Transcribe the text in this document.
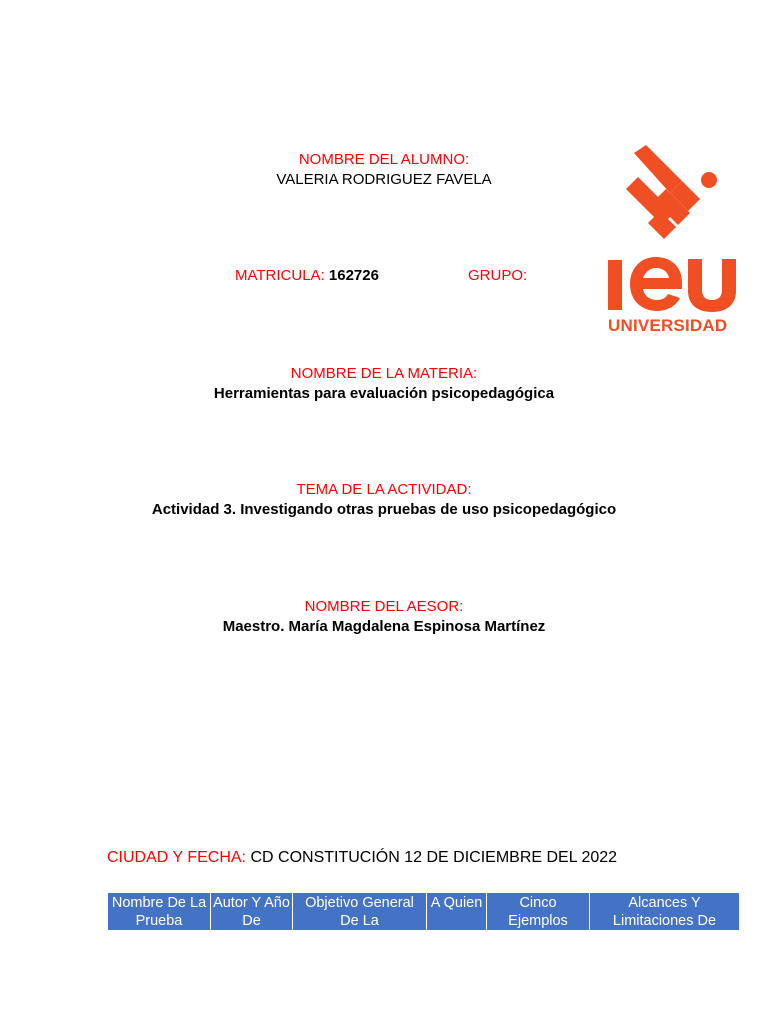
UNIVERSIDAD
NOMBRE DEL ALUMNO:
VALERIA RODRIGUEZ FAVELA
MATRICULA: 162726	GRUPO:
NOMBRE DE LA MATERIA:
Herramientas para evaluación psicopedagógica
TEMA DE LA ACTIVIDAD:
Actividad 3. Investigando otras pruebas de uso psicopedagógico
NOMBRE DEL AESOR:
Maestro. María Magdalena Espinosa Martínez
CIUDAD Y FECHA: CD CONSTITUCIÓN 12 DE DICIEMBRE DEL 2022
Nombre De La Prueba	Autor Y Año De	Objetivo General De La	A Quien	Cinco Ejemplos	Alcances Y Limitaciones De
